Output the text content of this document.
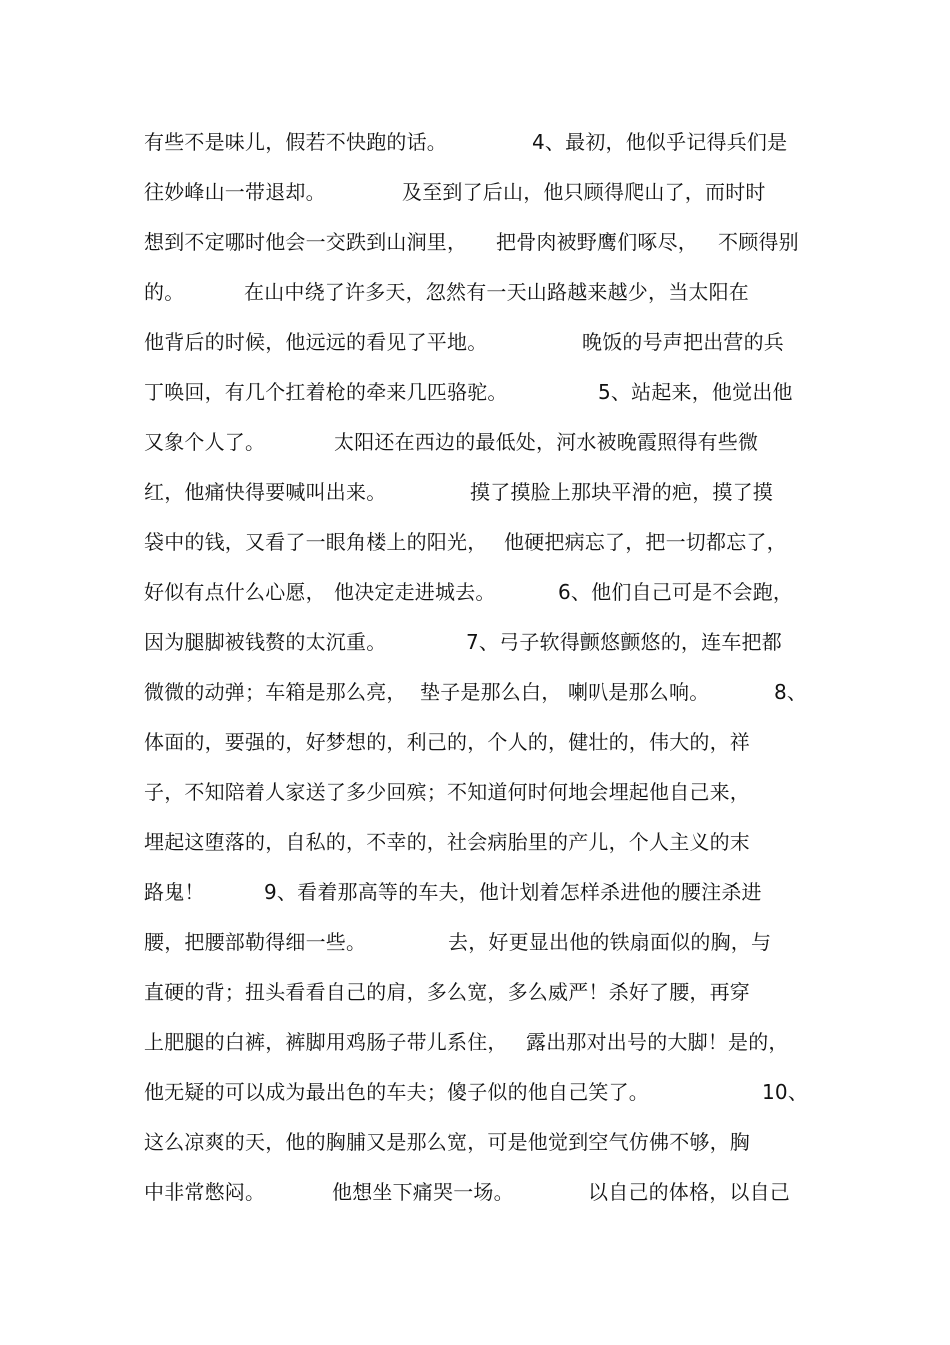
有些不是味儿，假若不快跑的话。	4、最初，他似乎记得兵们是
往妙峰山一带退却。	及至到了后山，他只顾得爬山了，而时时
想到不定哪时他会一交跌到山涧里， 把骨肉被野鹰们啄尽， 不顾得别
的。	在山中绕了许多天，忽然有一天山路越来越少，当太阳在
他背后的时候，他远远的看见了平地。	晚饭的号声把出营的兵
丁唤回，有几个扛着枪的牵来几匹骆驼。	5、站起来，他觉出他
又象个人了。	太阳还在西边的最低处，河水被晚霞照得有些微
红，他痛快得要喊叫出来。	摸了摸脸上那块平滑的疤，摸了摸
袋中的钱，又看了一眼角楼上的阳光， 他硬把病忘了，把一切都忘了，
好似有点什么心愿， 他决定走进城去。	6、他们自己可是不会跑，
因为腿脚被钱赘的太沉重。	7、弓子软得颤悠颤悠的，连车把都
微微的动弹；车箱是那么亮， 垫子是那么白， 喇叭是那么响。	8、
体面的，要强的，好梦想的，利己的，个人的，健壮的，伟大的，祥
子，不知陪着人家送了多少回殡；不知道何时何地会埋起他自己来，
埋起这堕落的，自私的，不幸的，社会病胎里的产儿，个人主义的末
路鬼！	9、看着那高等的车夫，他计划着怎样杀进他的腰注杀进
腰，把腰部勒得细一些。	去，好更显出他的铁扇面似的胸，与
直硬的背；扭头看看自己的肩，多么宽，多么威严！杀好了腰，再穿
上肥腿的白裤，裤脚用鸡肠子带儿系住， 露出那对出号的大脚！是的，
他无疑的可以成为最出色的车夫；傻子似的他自己笑了。	10、
这么凉爽的天，他的胸脯又是那么宽，可是他觉到空气仿佛不够，胸
中非常憋闷。	他想坐下痛哭一场。	以自己的体格，以自己
